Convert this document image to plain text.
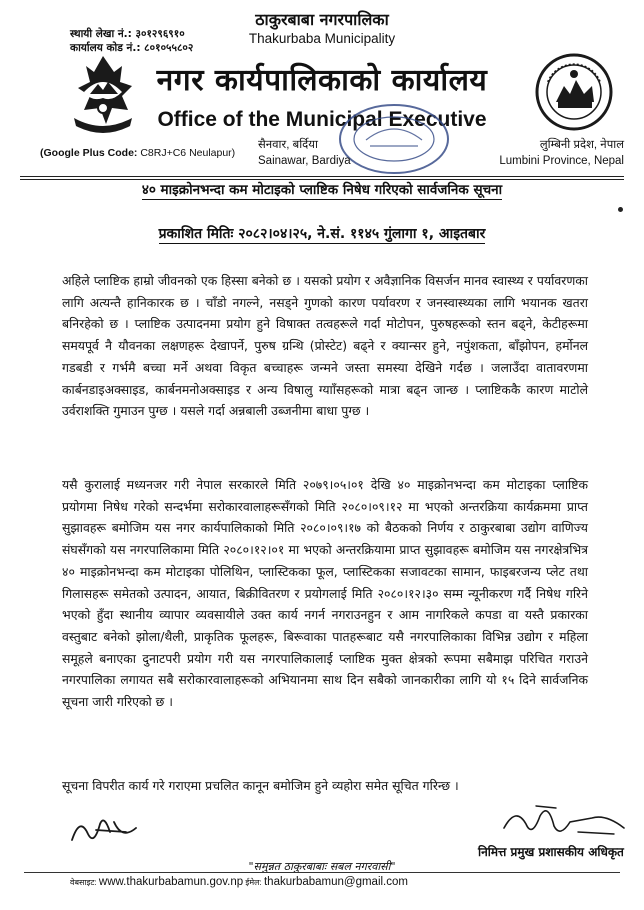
स्थायी लेखा नं.: ३०१२९६९१०
कार्यालय कोड नं.: ८०१०५५८०२
ठाकुरबाबा नगरपालिका
Thakurbaba Municipality
नगर कार्यपालिकाको कार्यालय
Office of the Municipal Executive
(Google Plus Code: C8RJ+C6 Neulapur)
सैनवार, बर्दिया
Sainawar, Bardiya
लुम्बिनी प्रदेश, नेपाल
Lumbini Province, Nepal
४० माइक्रोनभन्दा कम मोटाइको प्लाष्टिक निषेध गरिएको सार्वजनिक सूचना
प्रकाशित मितिः २०८२।०४।२५, ने.सं. ११४५ गुंलागा १, आइतबार
अहिले प्लाष्टिक हाम्रो जीवनको एक हिस्सा बनेको छ । यसको प्रयोग र अवैज्ञानिक विसर्जन मानव स्वास्थ्य र पर्यावरणका लागि अत्यन्तै हानिकारक छ । चाँडो नगल्ने, नसड्ने गुणको कारण पर्यावरण र जनस्वास्थ्यका लागि भयानक खतरा बनिरहेको छ । प्लाष्टिक उत्पादनमा प्रयोग हुने विषाक्त तत्वहरूले गर्दा मोटोपन, पुरुषहरूको स्तन बढ्ने, केटीहरूमा समयपूर्व नै यौवनका लक्षणहरू देखापर्ने, पुरुष ग्रन्थि (प्रोस्टेट) बढ्ने र क्यान्सर हुने, नपुंशकता, बाँझोपन, हर्मोनल गडबडी र गर्भमै बच्चा मर्ने अथवा विकृत बच्चाहरू जन्मने जस्ता समस्या देखिने गर्दछ । जलाउँदा वातावरणमा कार्बनडाइअक्साइड, कार्बनमनोअक्साइड र अन्य विषालु ग्यााँसहरूको मात्रा बढ्न जान्छ । प्लाष्टिककै कारण माटोले उर्वराशक्ति गुमाउन पुग्छ । यसले गर्दा अन्नबाली उब्जनीमा बाधा पुग्छ ।
यसै कुरालाई मध्यनजर गरी नेपाल सरकारले मिति २०७९।०५।०१ देखि ४० माइक्रोनभन्दा कम मोटाइका प्लाष्टिक प्रयोगमा निषेध गरेको सन्दर्भमा सरोकारवालाहरूसँगको मिति २०८०।०९।१२ मा भएको अन्तरक्रिया कार्यक्रममा प्राप्त सुझावहरू बमोजिम यस नगर कार्यपालिकाको मिति २०८०।०९।१७ को बैठकको निर्णय र ठाकुरबाबा उद्योग वाणिज्य संघसँगको यस नगरपालिकामा मिति २०८०।१२।०१ मा भएको अन्तरक्रियामा प्राप्त सुझावहरू बमोजिम यस नगरक्षेत्रभित्र ४० माइक्रोनभन्दा कम मोटाइका पोलिथिन, प्लास्टिकका फूल, प्लास्टिकका सजावटका सामान, फाइबरजन्य प्लेट तथा गिलासहरू समेतको उत्पादन, आयात, बिक्रीवितरण र प्रयोगलाई मिति २०८०।१२।३० सम्म न्यूनीकरण गर्दै निषेध गरिने भएको हुँदा स्थानीय व्यापार व्यवसायीले उक्त कार्य नगर्न नगराउनहुन र आम नागरिकले कपडा वा यस्तै प्रकारका वस्तुबाट बनेको झोला/थैली, प्राकृतिक फूलहरू, बिरूवाका पातहरूबाट यसै नगरपालिकाका विभिन्न उद्योग र महिला समूहले बनाएका दुनाटपरी प्रयोग गरी यस नगरपालिकालाई प्लाष्टिक मुक्त क्षेत्रको रूपमा सबैमाझ परिचित गराउने नगरपालिका लगायत सबै सरोकारवालाहरूको अभियानमा साथ दिन सबैको जानकारीका लागि यो १५ दिने सार्वजनिक सूचना जारी गरिएको छ ।
सूचना विपरीत कार्य गरे गराएमा प्रचलित कानून बमोजिम हुने व्यहोरा समेत सूचित गरिन्छ ।
निमित्त प्रमुख प्रशासकीय अधिकृत
"समुन्नत ठाकुरबाबाः सबल नगरवासी"
वेबसाइट: www.thakurbabamun.gov.np ईमेल: thakurbabamun@gmail.com
